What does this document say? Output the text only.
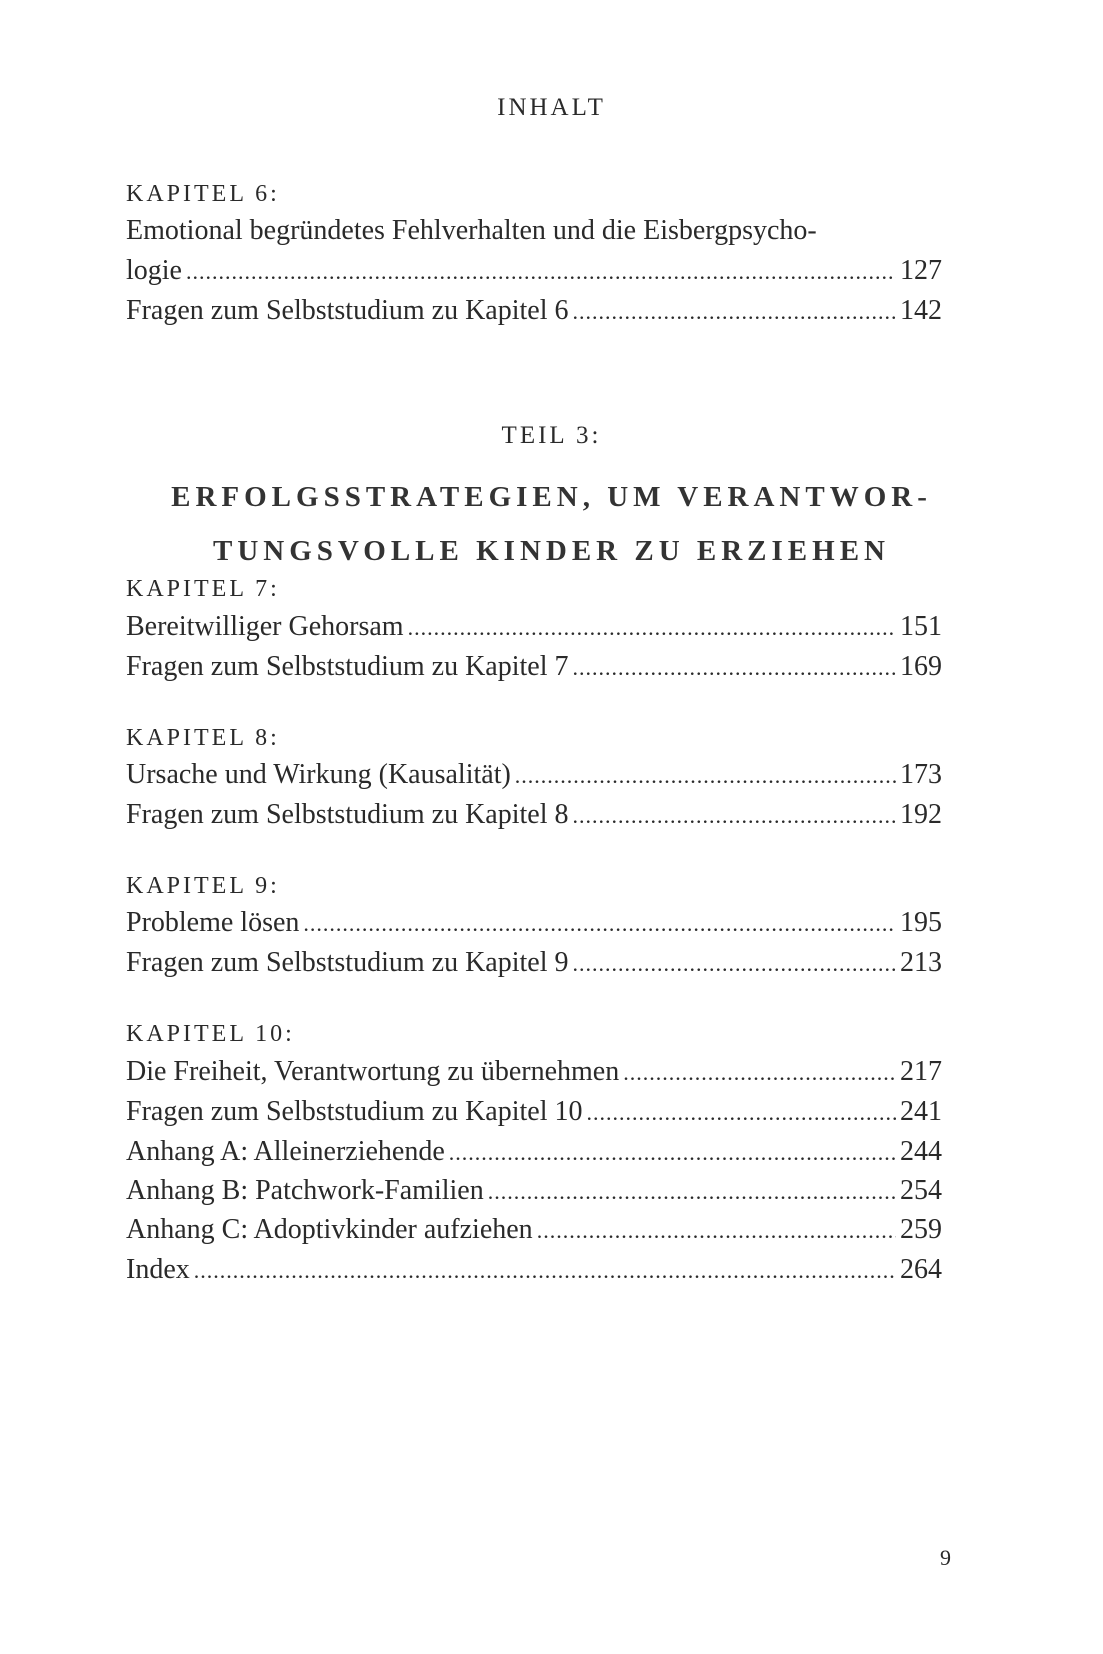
INHALT
KAPITEL 6:
Emotional begründetes Fehlverhalten und die Eisbergpsycho-
logie .....	127
Fragen zum Selbststudium zu Kapitel 6 .....	142
TEIL 3:
ERFOLGSSTRATEGIEN, UM VERANTWOR-
TUNGSVOLLE KINDER ZU ERZIEHEN
KAPITEL 7:
Bereitwilliger Gehorsam .....	151
Fragen zum Selbststudium zu Kapitel 7 .....	169
KAPITEL 8:
Ursache und Wirkung (Kausalität) .....	173
Fragen zum Selbststudium zu Kapitel 8 .....	192
KAPITEL 9:
Probleme lösen .....	195
Fragen zum Selbststudium zu Kapitel 9 .....	213
KAPITEL 10:
Die Freiheit, Verantwortung zu übernehmen .....	217
Fragen zum Selbststudium zu Kapitel 10 .....	241
Anhang A: Alleinerziehende .....	244
Anhang B: Patchwork-Familien .....	254
Anhang C: Adoptivkinder aufziehen .....	259
Index .....	264
9
